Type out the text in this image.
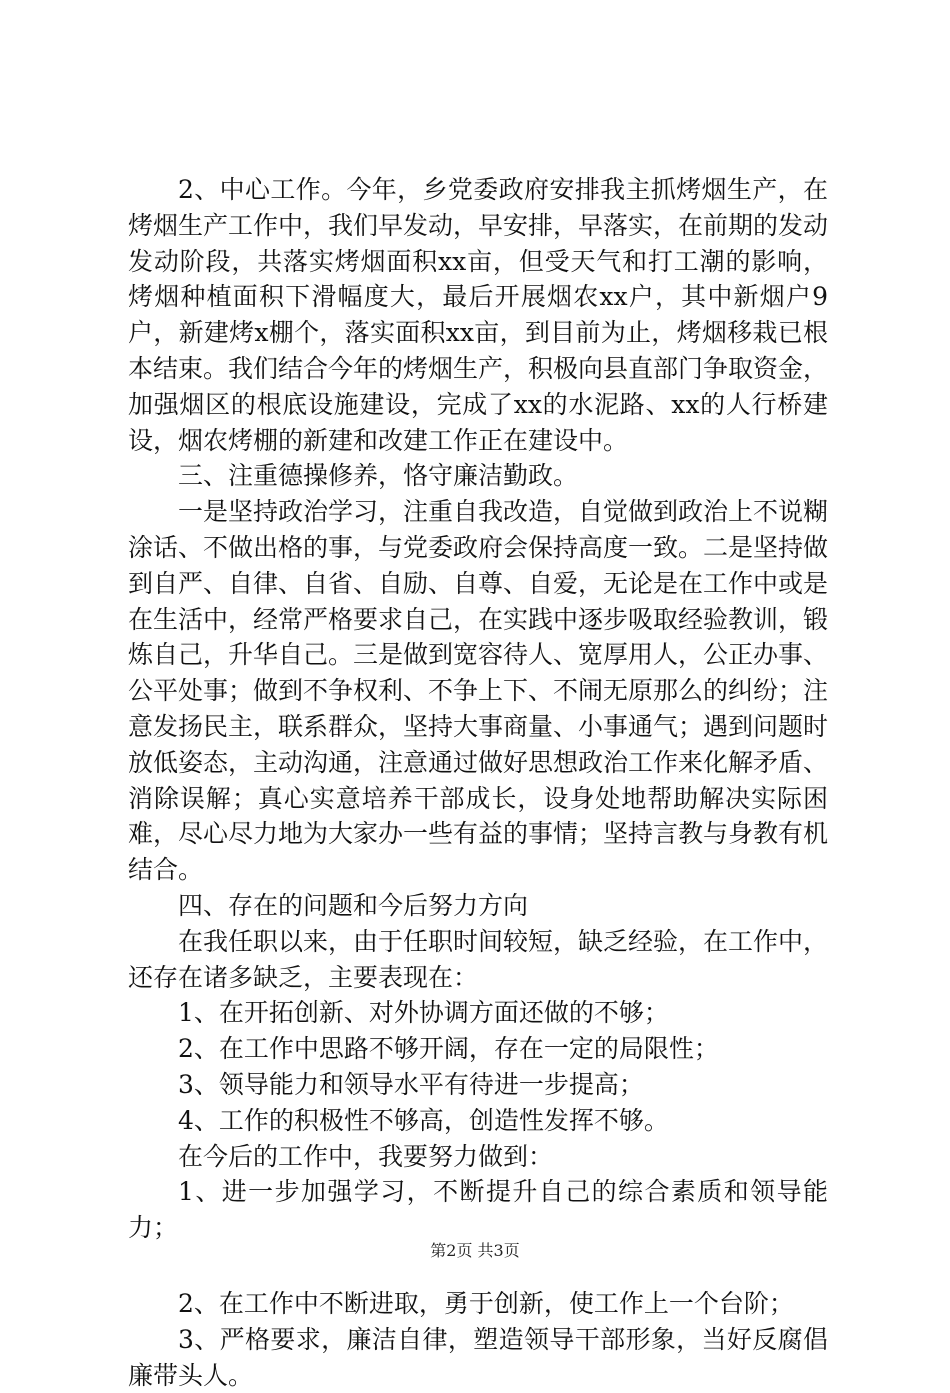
2、中心工作。今年，乡党委政府安排我主抓烤烟生产，在烤烟生产工作中，我们早发动，早安排，早落实，在前期的发动发动阶段，共落实烤烟面积xx亩，但受天气和打工潮的影响，烤烟种植面积下滑幅度大，最后开展烟农xx户，其中新烟户9户，新建烤x棚个，落实面积xx亩，到目前为止，烤烟移栽已根本结束。我们结合今年的烤烟生产，积极向县直部门争取资金，加强烟区的根底设施建设，完成了xx的水泥路、xx的人行桥建设，烟农烤棚的新建和改建工作正在建设中。

三、注重德操修养，恪守廉洁勤政。

一是坚持政治学习，注重自我改造，自觉做到政治上不说糊涂话、不做出格的事，与党委政府会保持高度一致。二是坚持做到自严、自律、自省、自励、自尊、自爱，无论是在工作中或是在生活中，经常严格要求自己，在实践中逐步吸取经验教训，锻炼自己，升华自己。三是做到宽容待人、宽厚用人，公正办事、公平处事；做到不争权利、不争上下、不闹无原那么的纠纷；注意发扬民主，联系群众，坚持大事商量、小事通气；遇到问题时放低姿态，主动沟通，注意通过做好思想政治工作来化解矛盾、消除误解；真心实意培养干部成长，设身处地帮助解决实际困难，尽心尽力地为大家办一些有益的事情；坚持言教与身教有机结合。

四、存在的问题和今后努力方向

在我任职以来，由于任职时间较短，缺乏经验，在工作中，还存在诸多缺乏，主要表现在：

1、在开拓创新、对外协调方面还做的不够；

2、在工作中思路不够开阔，存在一定的局限性；

3、领导能力和领导水平有待进一步提高；

4、工作的积极性不够高，创造性发挥不够。

在今后的工作中，我要努力做到：

1、进一步加强学习，不断提升自己的综合素质和领导能力；

2、在工作中不断进取，勇于创新，使工作上一个台阶；

3、严格要求，廉洁自律，塑造领导干部形象，当好反腐倡廉带头人。

第2页 共3页
